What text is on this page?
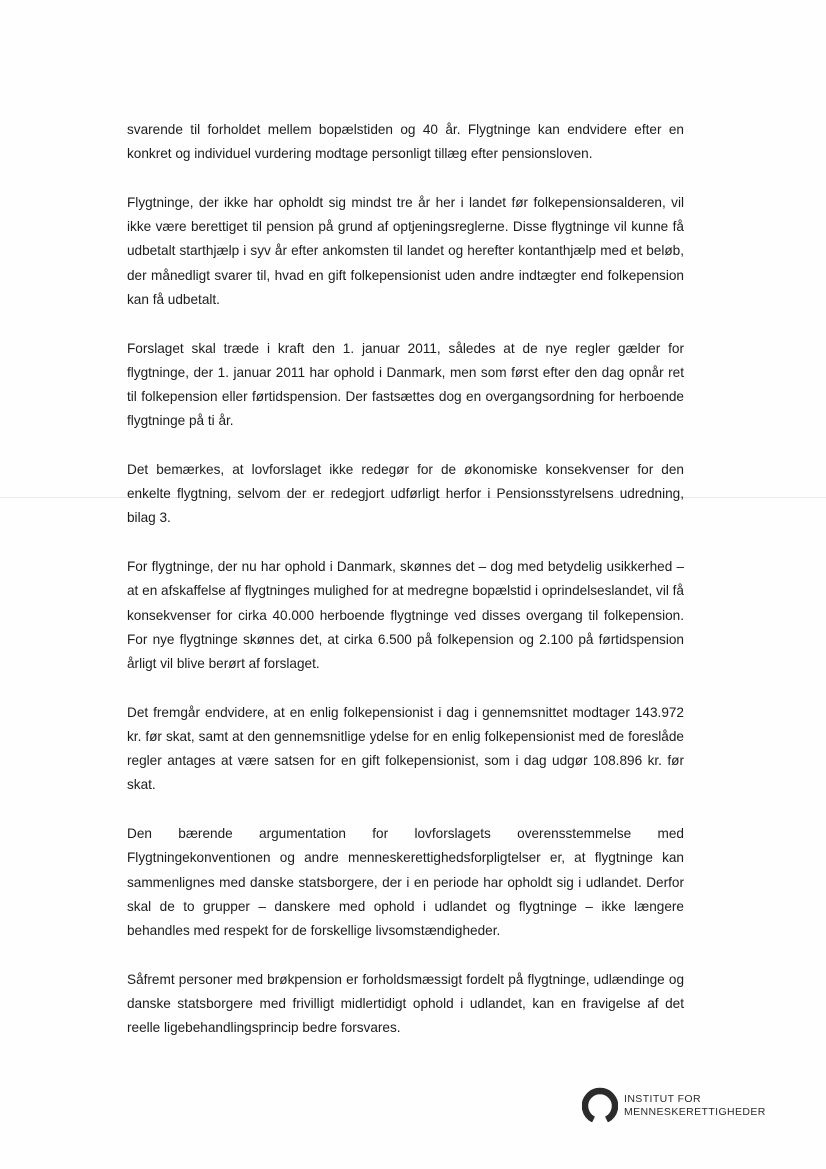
svarende til forholdet mellem bopælstiden og 40 år. Flygtninge kan endvidere efter en konkret og individuel vurdering modtage personligt tillæg efter pensionsloven.

Flygtninge, der ikke har opholdt sig mindst tre år her i landet før folkepensionsalderen, vil ikke være berettiget til pension på grund af optjeningsreglerne. Disse flygtninge vil kunne få udbetalt starthjælp i syv år efter ankomsten til landet og herefter kontanthjælp med et beløb, der månedligt svarer til, hvad en gift folkepensionist uden andre indtægter end folkepension kan få udbetalt.

Forslaget skal træde i kraft den 1. januar 2011, således at de nye regler gælder for flygtninge, der 1. januar 2011 har ophold i Danmark, men som først efter den dag opnår ret til folkepension eller førtidspension. Der fastsættes dog en overgangsordning for herboende flygtninge på ti år.

Det bemærkes, at lovforslaget ikke redegør for de økonomiske konsekvenser for den enkelte flygtning, selvom der er redegjort udførligt herfor i Pensionsstyrelsens udredning, bilag 3.

For flygtninge, der nu har ophold i Danmark, skønnes det – dog med betydelig usikkerhed – at en afskaffelse af flygtninges mulighed for at medregne bopælstid i oprindelseslandet, vil få konsekvenser for cirka 40.000 herboende flygtninge ved disses overgang til folkepension. For nye flygtninge skønnes det, at cirka 6.500 på folkepension og 2.100 på førtidspension årligt vil blive berørt af forslaget.

Det fremgår endvidere, at en enlig folkepensionist i dag i gennemsnittet modtager 143.972 kr. før skat, samt at den gennemsnitlige ydelse for en enlig folkepensionist med de foreslåde regler antages at være satsen for en gift folkepensionist, som i dag udgør 108.896 kr. før skat.

Den bærende argumentation for lovforslagets overensstemmelse med Flygtningekonventionen og andre menneskerettighedsforpligtelser er, at flygtninge kan sammenlignes med danske statsborgere, der i en periode har opholdt sig i udlandet. Derfor skal de to grupper – danskere med ophold i udlandet og flygtninge – ikke længere behandles med respekt for de forskellige livsomstændigheder.

Såfremt personer med brøkpension er forholdsmæssigt fordelt på flygtninge, udlændinge og danske statsborgere med frivilligt midlertidigt ophold i udlandet, kan en fravigelse af det reelle ligebehandlingsprincip bedre forsvares.

INSTITUT FOR
MENNESKERETTIGHEDER
